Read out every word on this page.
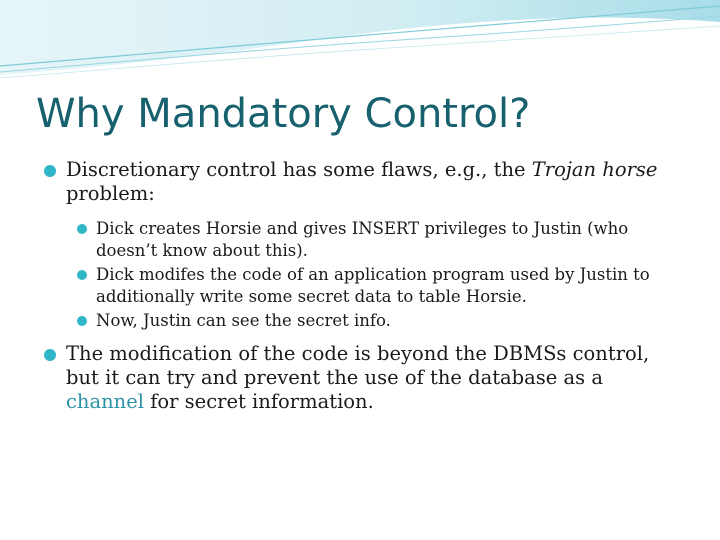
Why Mandatory Control?
Discretionary control has some flaws, e.g., the Trojan horse problem:
Dick creates Horsie and gives INSERT privileges to Justin (who doesn’t know about this).
Dick modifes the code of an application program used by Justin to additionally write some secret data to table Horsie.
Now, Justin can see the secret info.
The modification of the code is beyond the DBMSs control, but it can try and prevent the use of the database as a channel for secret information.
